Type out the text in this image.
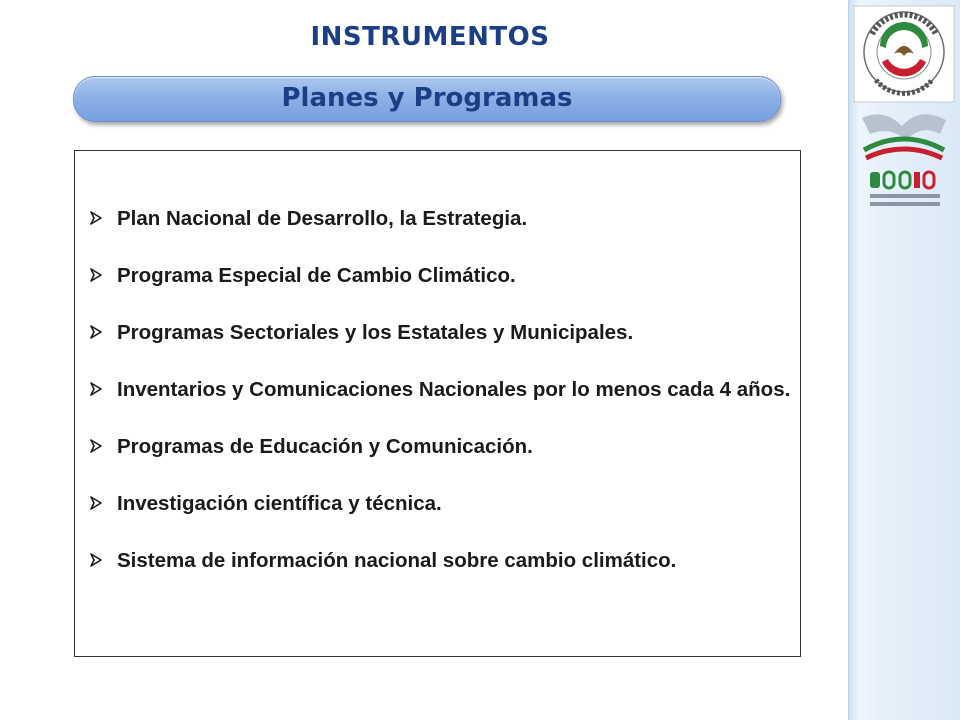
INSTRUMENTOS
Planes y Programas
Plan Nacional de Desarrollo, la Estrategia.
Programa Especial de Cambio Climático.
Programas Sectoriales y los Estatales y Municipales.
Inventarios y Comunicaciones Nacionales por lo menos cada 4 años.
Programas de Educación y Comunicación.
Investigación científica y técnica.
Sistema de información nacional sobre cambio climático.
